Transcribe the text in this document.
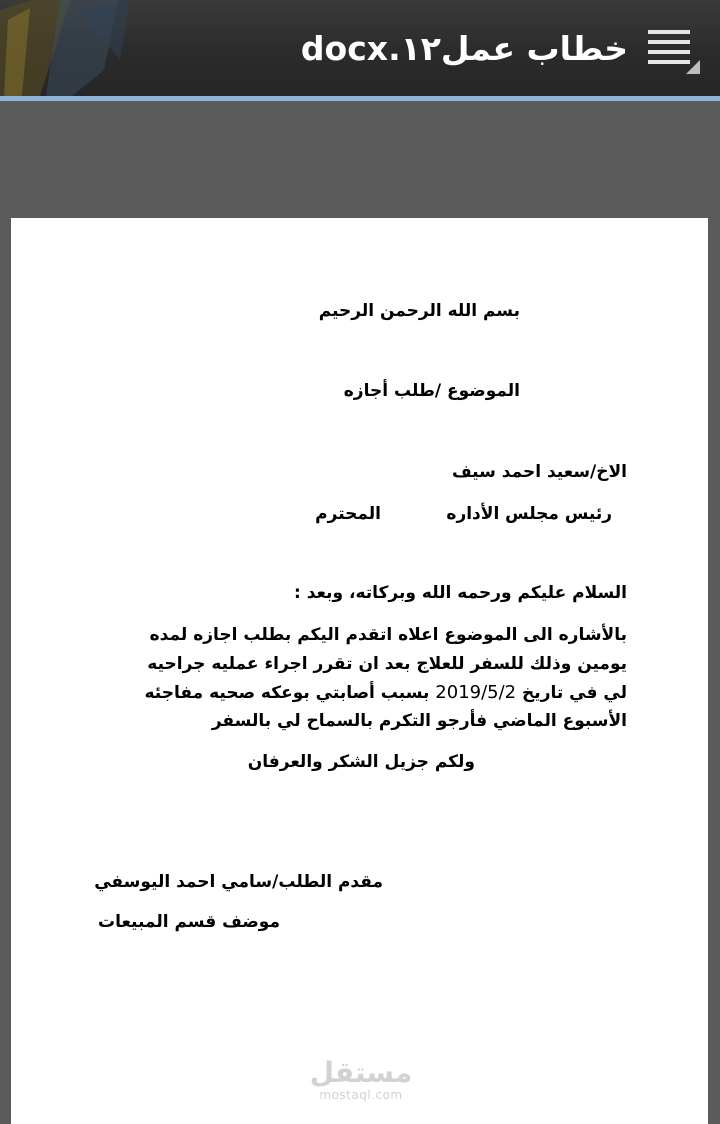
خطاب عمل١٢.docx
بسم الله الرحمن الرحيم
الموضوع /طلب أجازه
الاخ/سعيد احمد سيف
رئيس مجلس الأداره
المحترم
السلام عليكم ورحمه الله وبركاته، وبعد :
بالأشاره الى الموضوع اعلاه اتقدم اليكم بطلب اجازه لمده
يومين وذلك للسفر للعلاج بعد ان تقرر اجراء عمليه جراحيه
لي في تاريخ 2019/5/2 بسبب أصابتي بوعكه صحيه مفاجئه
الأسبوع الماضي فأرجو التكرم بالسماح لي بالسفر
ولكم جزيل الشكر والعرفان
مقدم الطلب/سامي احمد اليوسفي
موضف قسم المبيعات
مستقل
mostaql.com
